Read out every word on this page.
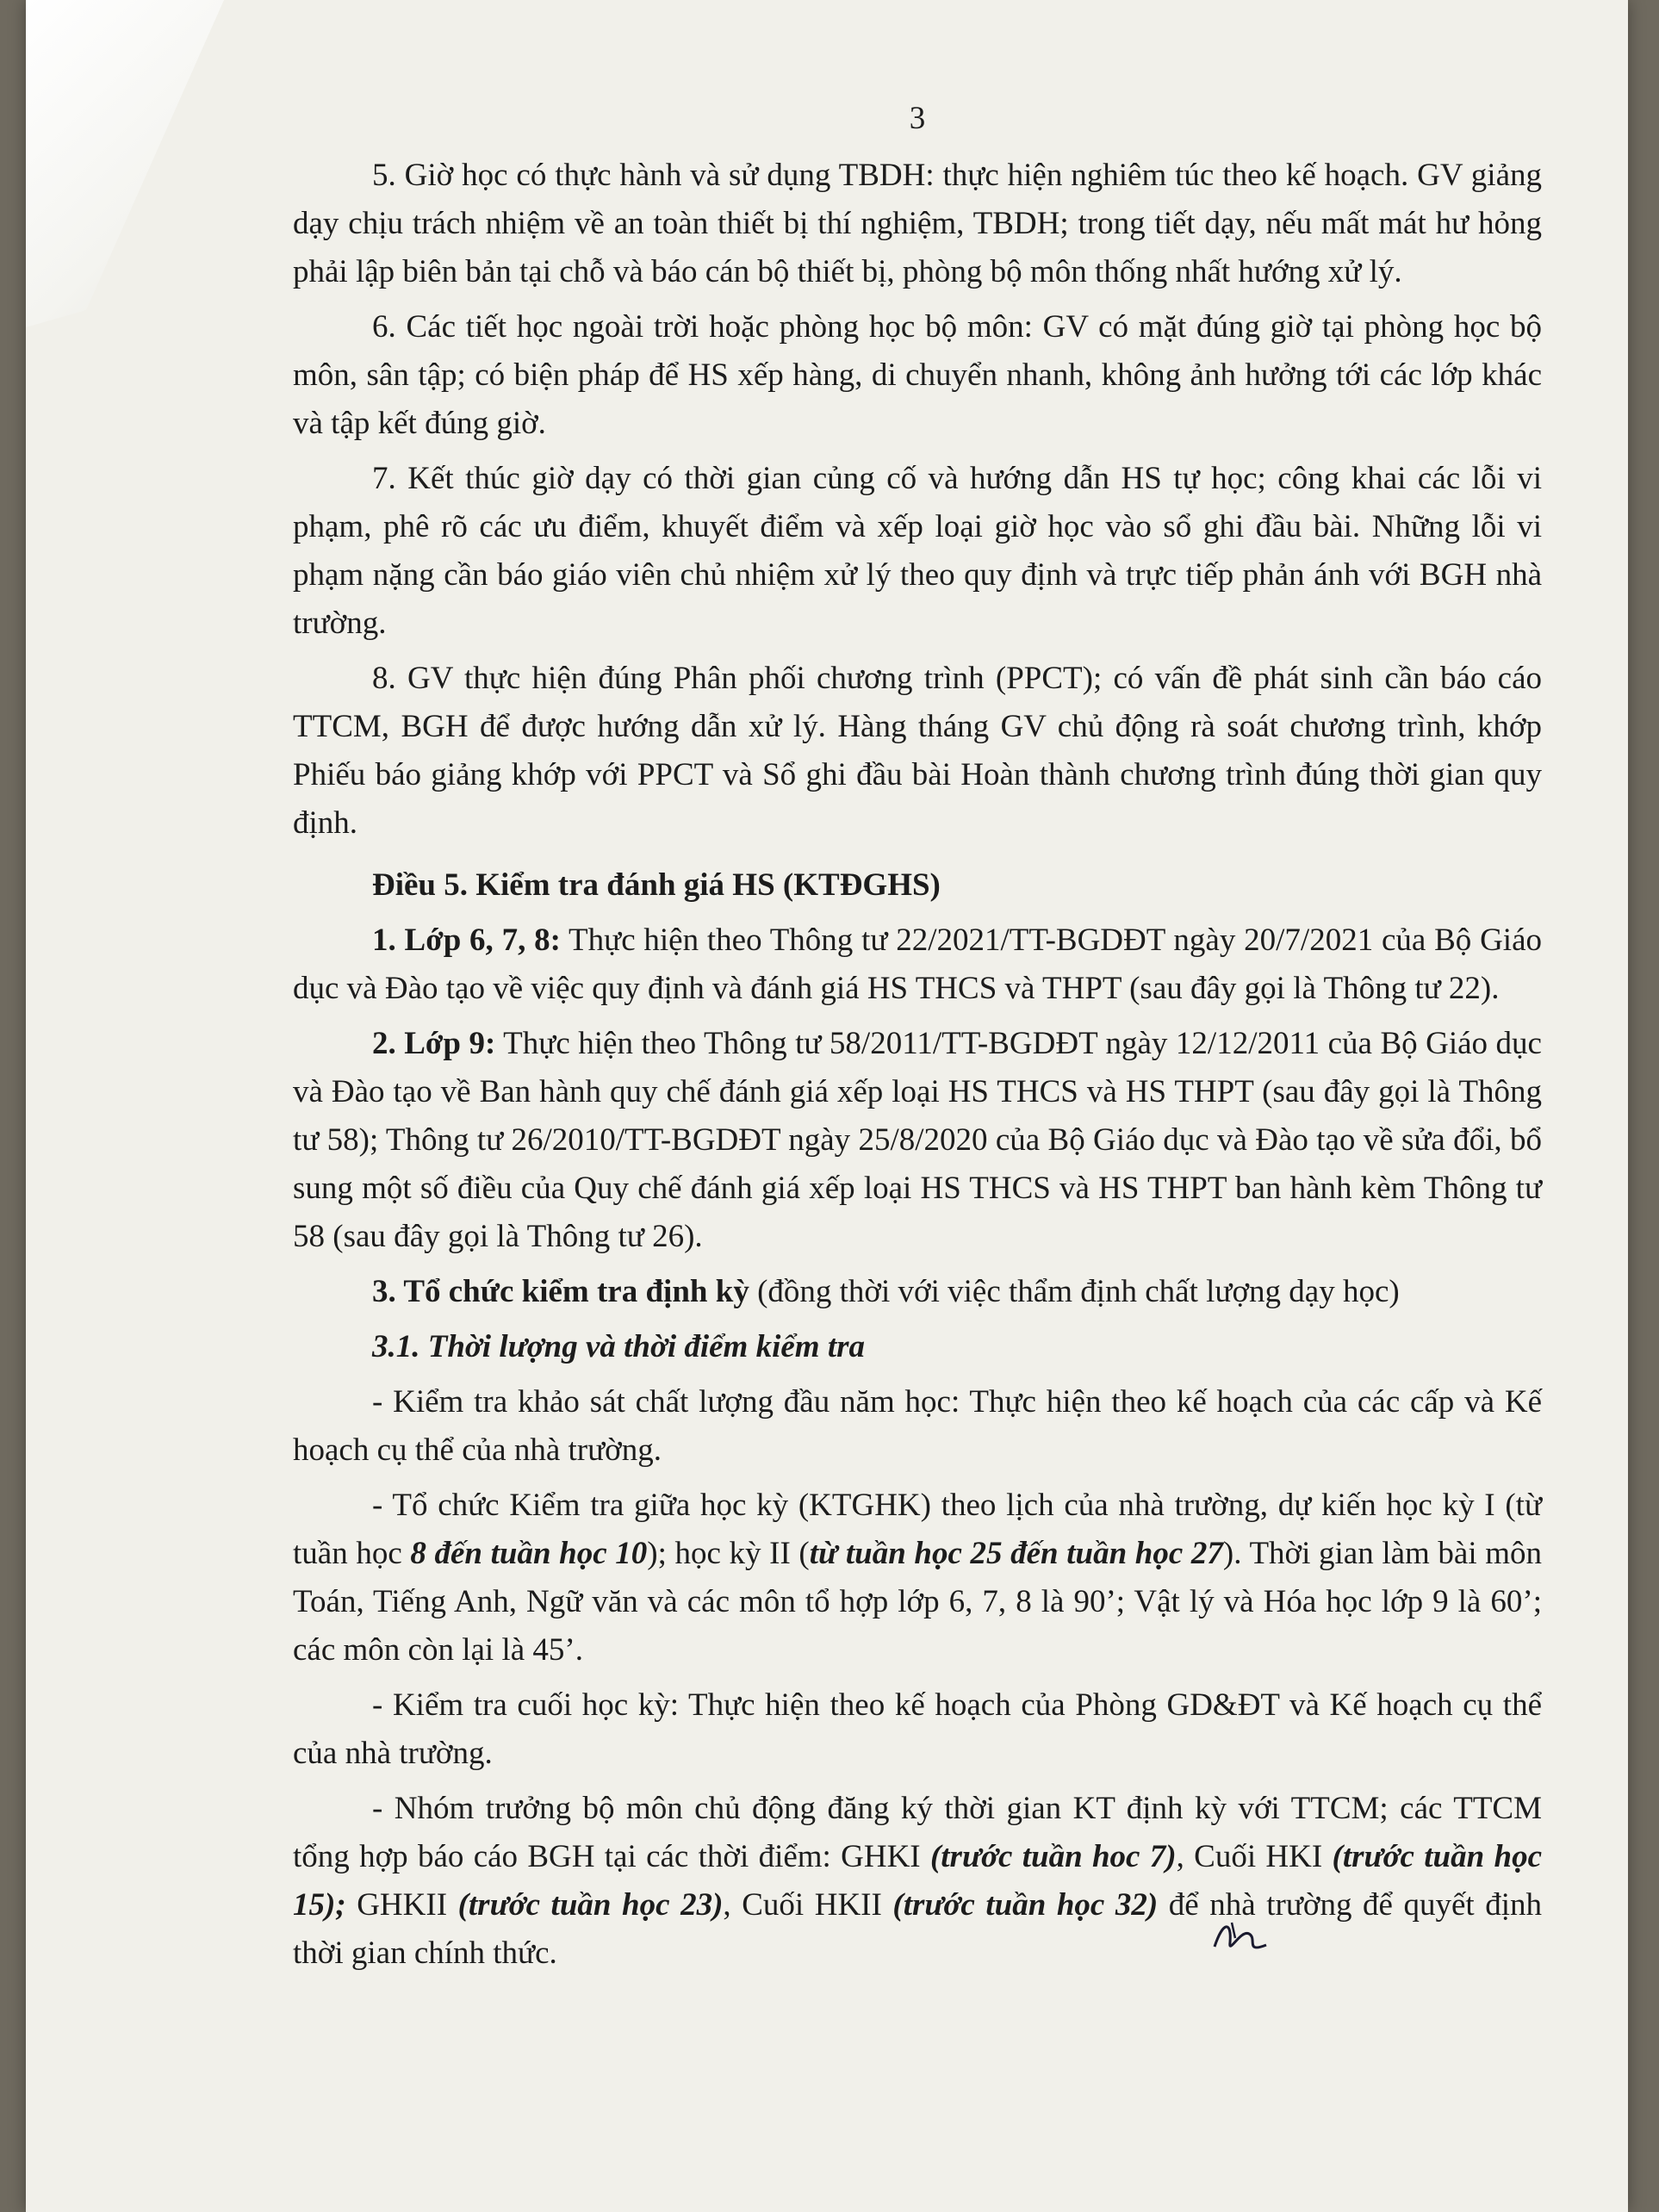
3

5. Giờ học có thực hành và sử dụng TBDH: thực hiện nghiêm túc theo kế hoạch. GV giảng dạy chịu trách nhiệm về an toàn thiết bị thí nghiệm, TBDH; trong tiết dạy, nếu mất mát hư hỏng phải lập biên bản tại chỗ và báo cán bộ thiết bị, phòng bộ môn thống nhất hướng xử lý.

6. Các tiết học ngoài trời hoặc phòng học bộ môn: GV có mặt đúng giờ tại phòng học bộ môn, sân tập; có biện pháp để HS xếp hàng, di chuyển nhanh, không ảnh hưởng tới các lớp khác và tập kết đúng giờ.

7. Kết thúc giờ dạy có thời gian củng cố và hướng dẫn HS tự học; công khai các lỗi vi phạm, phê rõ các ưu điểm, khuyết điểm và xếp loại giờ học vào sổ ghi đầu bài. Những lỗi vi phạm nặng cần báo giáo viên chủ nhiệm xử lý theo quy định và trực tiếp phản ánh với BGH nhà trường.

8. GV thực hiện đúng Phân phối chương trình (PPCT); có vấn đề phát sinh cần báo cáo TTCM, BGH để được hướng dẫn xử lý. Hàng tháng GV chủ động rà soát chương trình, khớp Phiếu báo giảng khớp với PPCT và Sổ ghi đầu bài Hoàn thành chương trình đúng thời gian quy định.

Điều 5. Kiểm tra đánh giá HS (KTĐGHS)

1. Lớp 6, 7, 8: Thực hiện theo Thông tư 22/2021/TT-BGDĐT ngày 20/7/2021 của Bộ Giáo dục và Đào tạo về việc quy định và đánh giá HS THCS và THPT (sau đây gọi là Thông tư 22).

2. Lớp 9: Thực hiện theo Thông tư 58/2011/TT-BGDĐT ngày 12/12/2011 của Bộ Giáo dục và Đào tạo về Ban hành quy chế đánh giá xếp loại HS THCS và HS THPT (sau đây gọi là Thông tư 58); Thông tư 26/2010/TT-BGDĐT ngày 25/8/2020 của Bộ Giáo dục và Đào tạo về sửa đổi, bổ sung một số điều của Quy chế đánh giá xếp loại HS THCS và HS THPT ban hành kèm Thông tư 58 (sau đây gọi là Thông tư 26).

3. Tổ chức kiểm tra định kỳ (đồng thời với việc thẩm định chất lượng dạy học)

3.1. Thời lượng và thời điểm kiểm tra

- Kiểm tra khảo sát chất lượng đầu năm học: Thực hiện theo kế hoạch của các cấp và Kế hoạch cụ thể của nhà trường.

- Tổ chức Kiểm tra giữa học kỳ (KTGHK) theo lịch của nhà trường, dự kiến học kỳ I (từ tuần học 8 đến tuần học 10); học kỳ II (từ tuần học 25 đến tuần học 27). Thời gian làm bài môn Toán, Tiếng Anh, Ngữ văn và các môn tổ hợp lớp 6, 7, 8 là 90’; Vật lý và Hóa học lớp 9 là 60’; các môn còn lại là 45’.

- Kiểm tra cuối học kỳ: Thực hiện theo kế hoạch của Phòng GD&ĐT và Kế hoạch cụ thể của nhà trường.

- Nhóm trưởng bộ môn chủ động đăng ký thời gian KT định kỳ với TTCM; các TTCM tổng hợp báo cáo BGH tại các thời điểm: GHKI (trước tuần hoc 7), Cuối HKI (trước tuần học 15); GHKII (trước tuần học 23), Cuối HKII (trước tuần học 32) để nhà trường để quyết định thời gian chính thức.
